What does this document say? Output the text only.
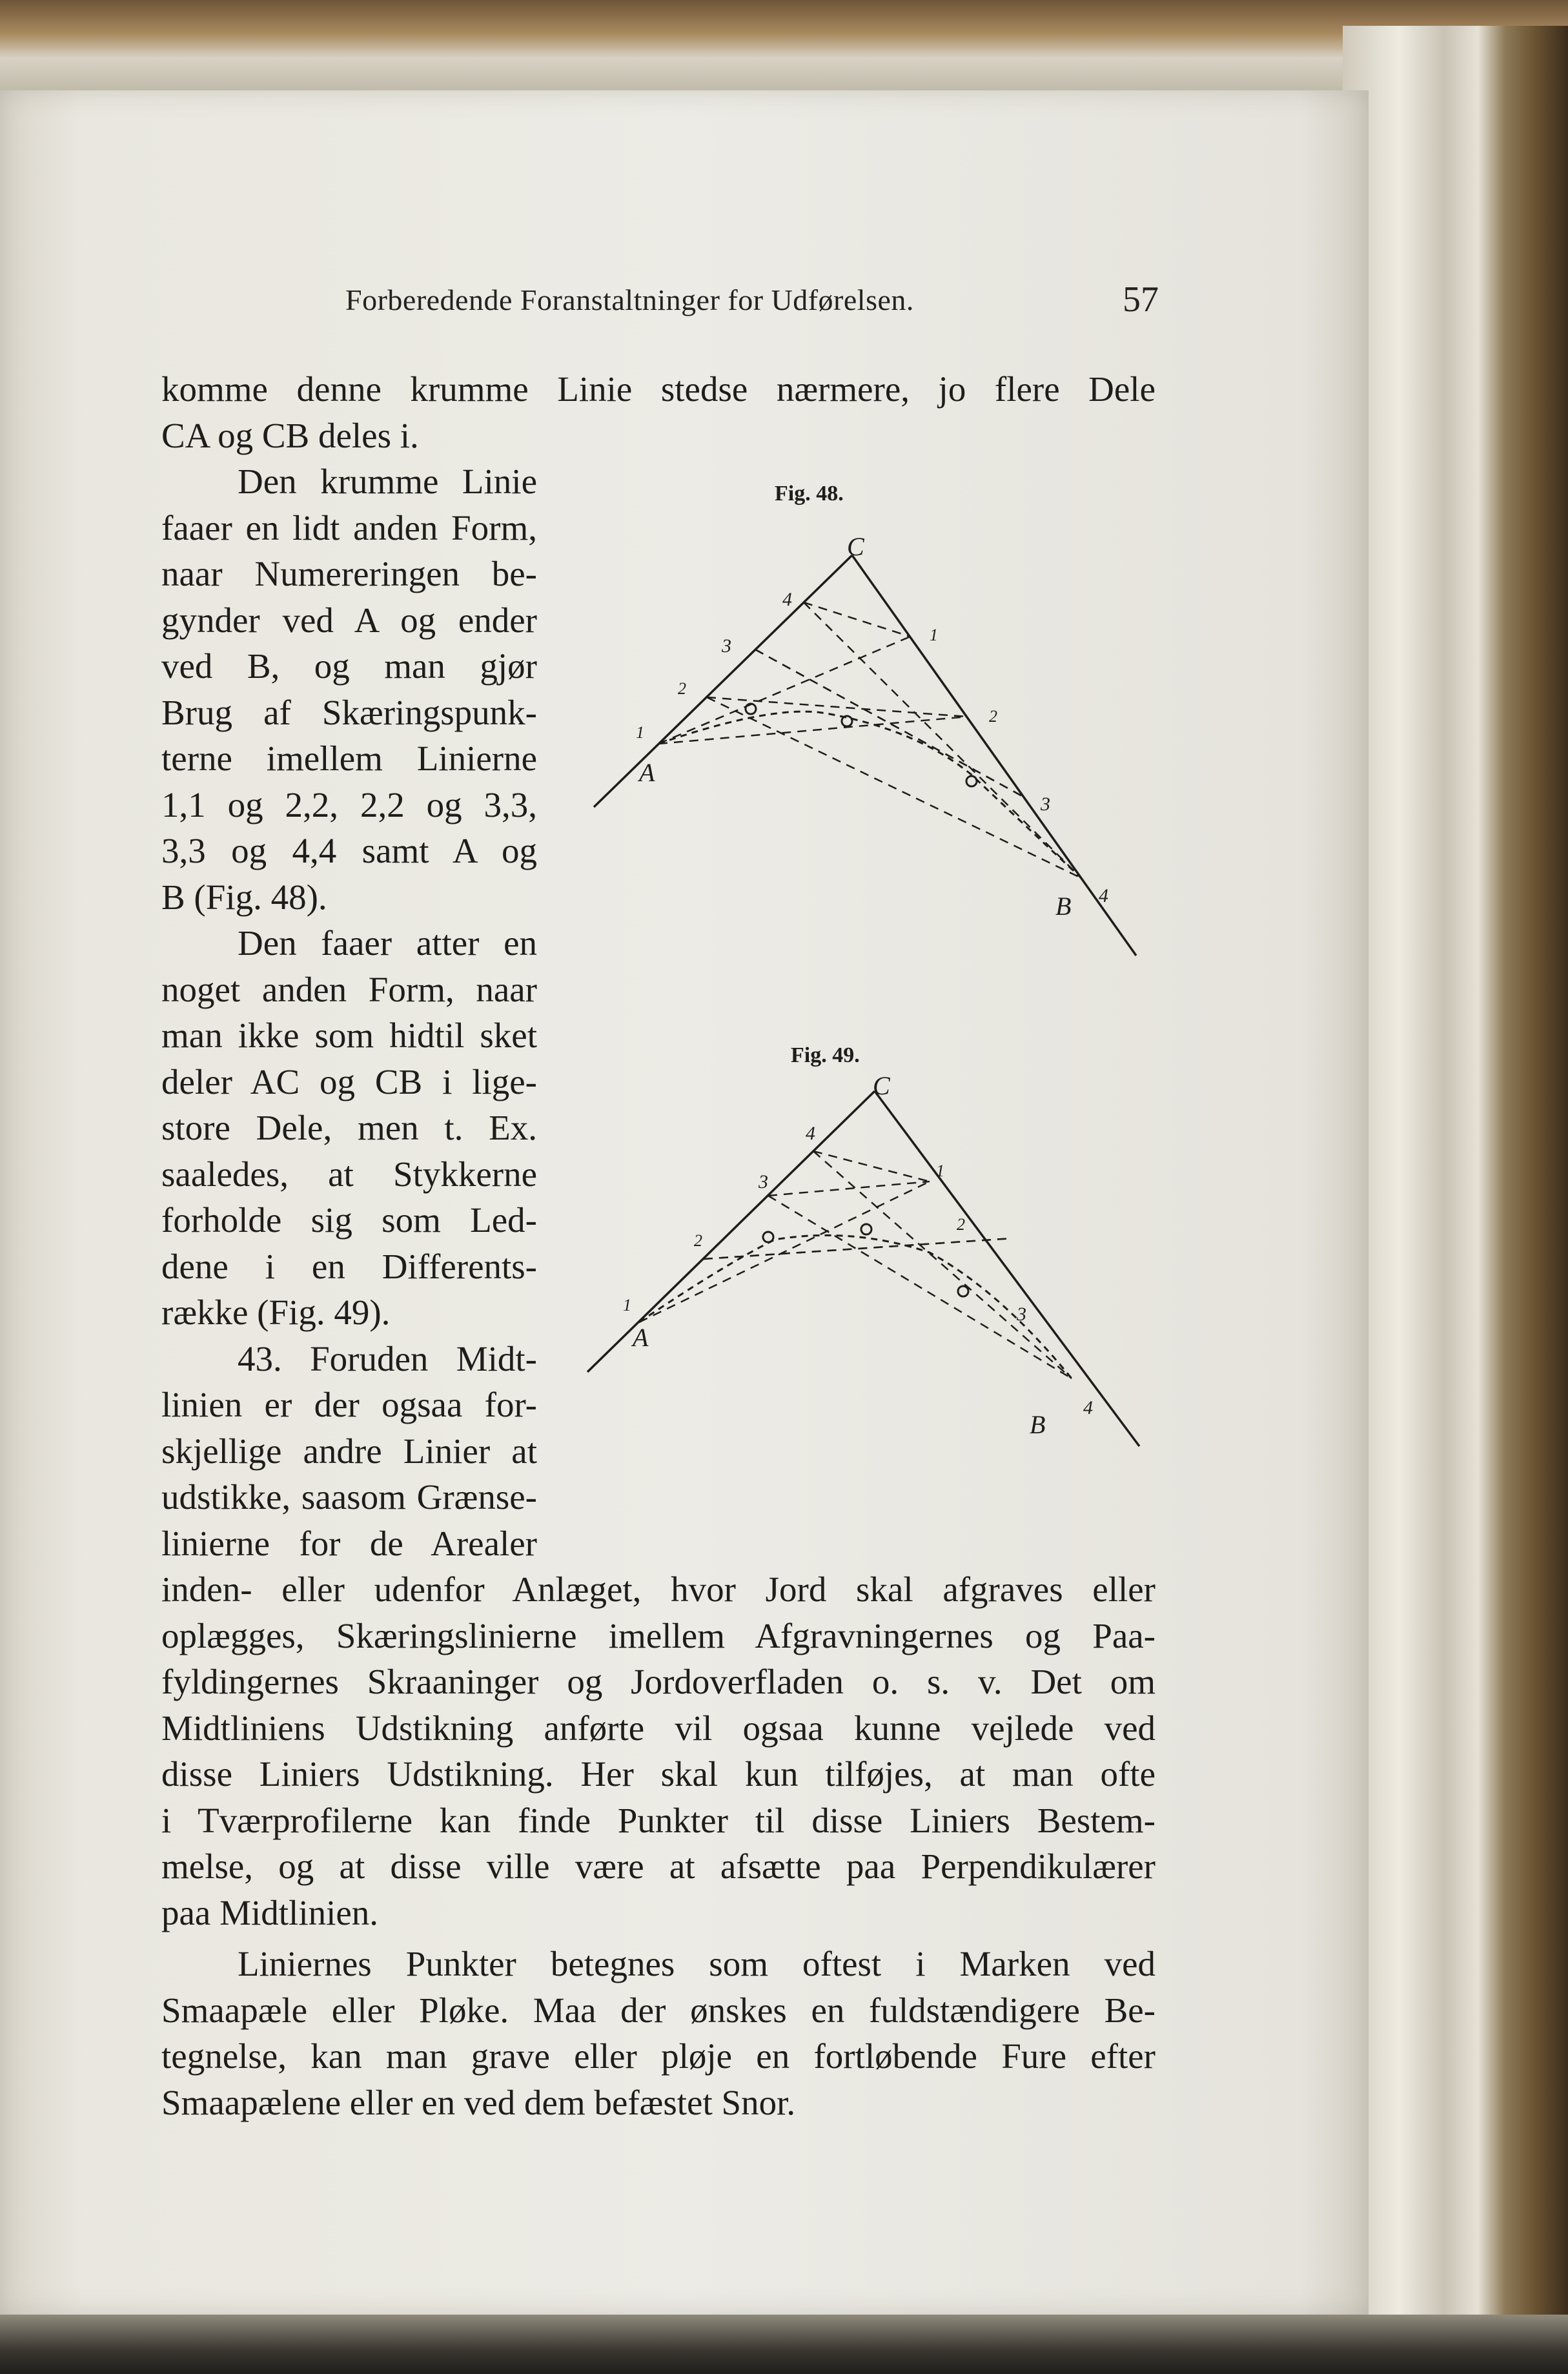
Forberedende Foranstaltninger for Udførelsen.	57
komme denne krumme Linie stedse nærmere, jo flere Dele
CA og CB deles i.
Den krumme Linie
faaer en lidt anden Form,
naar Numereringen be-
gynder ved A og ender
ved B, og man gjør
Brug af Skæringspunk-
terne imellem Linierne
1,1 og 2,2, 2,2 og 3,3,
3,3 og 4,4 samt A og
B (Fig. 48).
Den faaer atter en
noget anden Form, naar
man ikke som hidtil sket
deler AC og CB i lige-
store Dele, men t. Ex.
saaledes, at Stykkerne
forholde sig som Led-
dene i en Differents-
række (Fig. 49).
43. Foruden Midt-
linien er der ogsaa for-
skjellige andre Linier at
udstikke, saasom Grænse-
linierne for de Arealer
inden- eller udenfor Anlæget, hvor Jord skal afgraves eller
oplægges, Skæringslinierne imellem Afgravningernes og Paa-
fyldingernes Skraaninger og Jordoverfladen o. s. v. Det om
Midtliniens Udstikning anførte vil ogsaa kunne vejlede ved
disse Liniers Udstikning. Her skal kun tilføjes, at man ofte
i Tværprofilerne kan finde Punkter til disse Liniers Bestem-
melse, og at disse ville være at afsætte paa Perpendikulærer
paa Midtlinien.
Liniernes Punkter betegnes som oftest i Marken ved
Smaapæle eller Pløke. Maa der ønskes en fuldstændigere Be-
tegnelse, kan man grave eller pløje en fortløbende Fure efter
Smaapælene eller en ved dem befæstet Snor.
Fig. 48.
C
A
B
1
2
3
4
1
2
3
4
Fig. 49.
C
A
B
1
2
3
4
1
2
3
4
